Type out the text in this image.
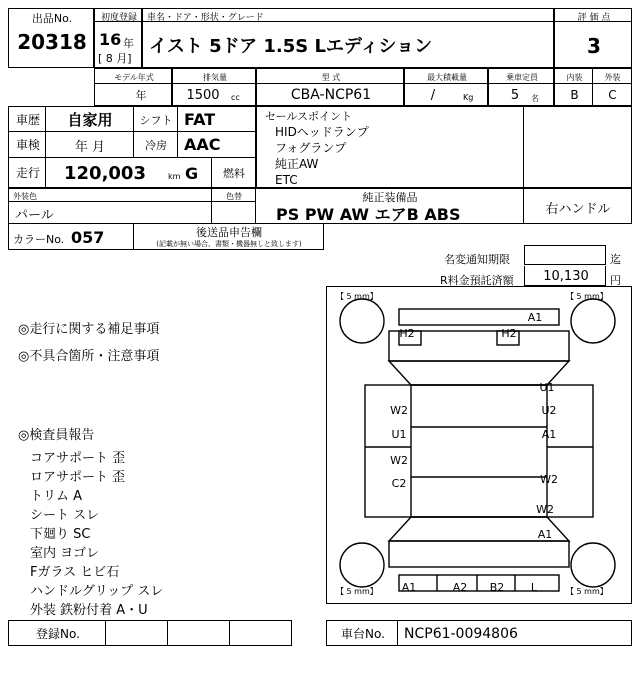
出品No.
20318
初度登録
16 年
[ 8 月]
車名・ドア・形状・グレード
イスト 5ドア 1.5S Lエディション
評 価 点
3
モデル年式
年
排気量
1500	cc
型 式
CBA-NCP61
最大積載量
/	Kg
乗車定員
5	名
内装	外装
B	C
車歴	自家用
車検	年 月
走行	120,003	km
シフト FAT
冷房	AAC
燃料
G
セールスポイント
HIDヘッドランプ
フォグランプ
純正AW
ETC
外装色	色替
パール
純正装備品
PS PW AW エアB ABS	右ハンドル
カラーNo. 057	後送品申告欄
(記載が無い場合、書類・機器無しと致します)
名変通知期限	迄
R料金預託済額	10,130	円
◎走行に関する補足事項
◎不具合箇所・注意事項
◎検査員報告
コアサポート 歪
ロアサポート 歪
トリム A
シート スレ
下廻り SC
室内 ヨゴレ
Fガラス ヒビ石
ハンドルグリップ スレ
外装 鉄粉付着 A・U
【 5 mm】	【 5 mm】
【 5 mm】	【 5 mm】
A1
H2	H2
U1
W2	U2
U1	A1
W2
C2	W2
W2
A1
A1	A2	B2	L
登録No.	車台No.	NCP61-0094806
